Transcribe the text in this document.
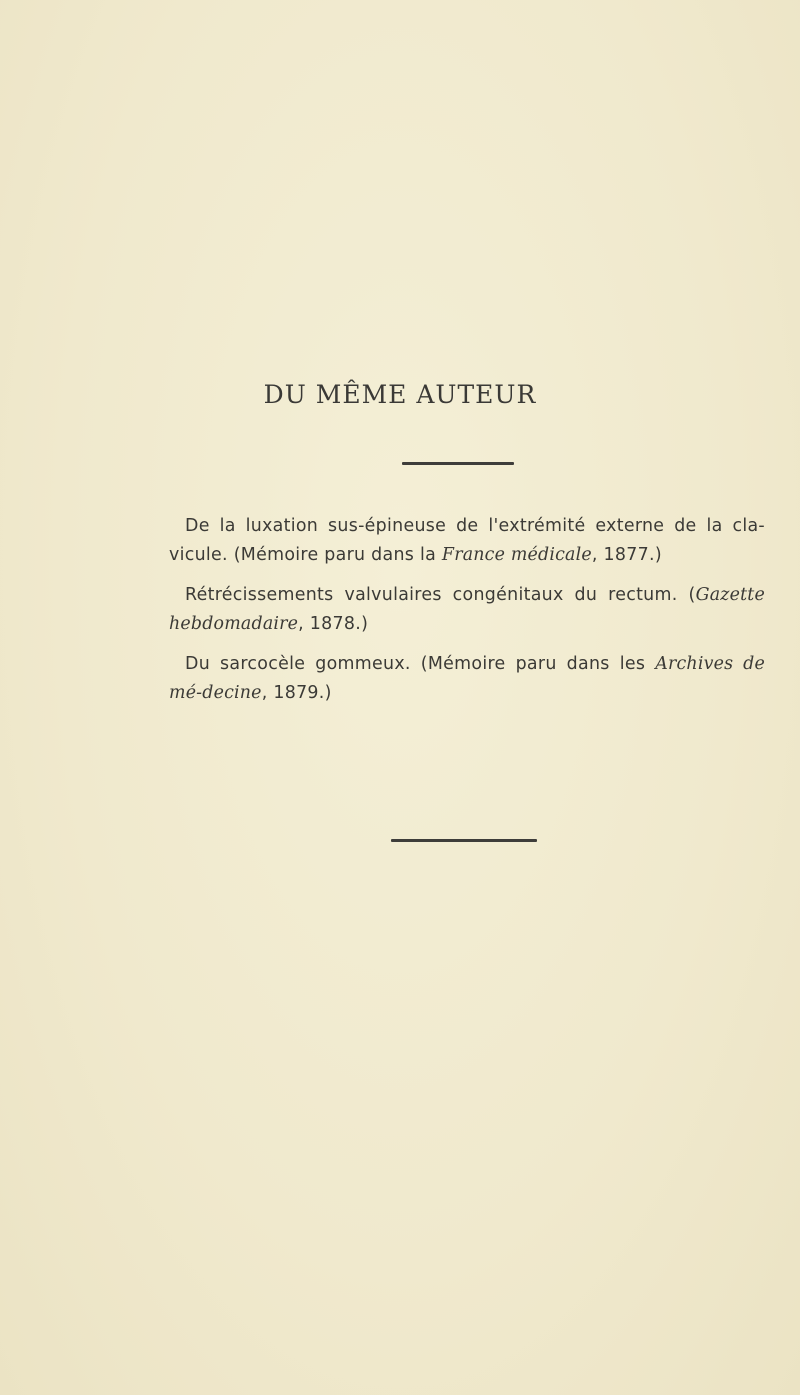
DU MÊME AUTEUR

De la luxation sus-épineuse de l'extrémité externe de la cla-vicule. (Mémoire paru dans la France médicale, 1877.)

Rétrécissements valvulaires congénitaux du rectum. (Gazette hebdomadaire, 1878.)

Du sarcocèle gommeux. (Mémoire paru dans les Archives de mé-decine, 1879.)
